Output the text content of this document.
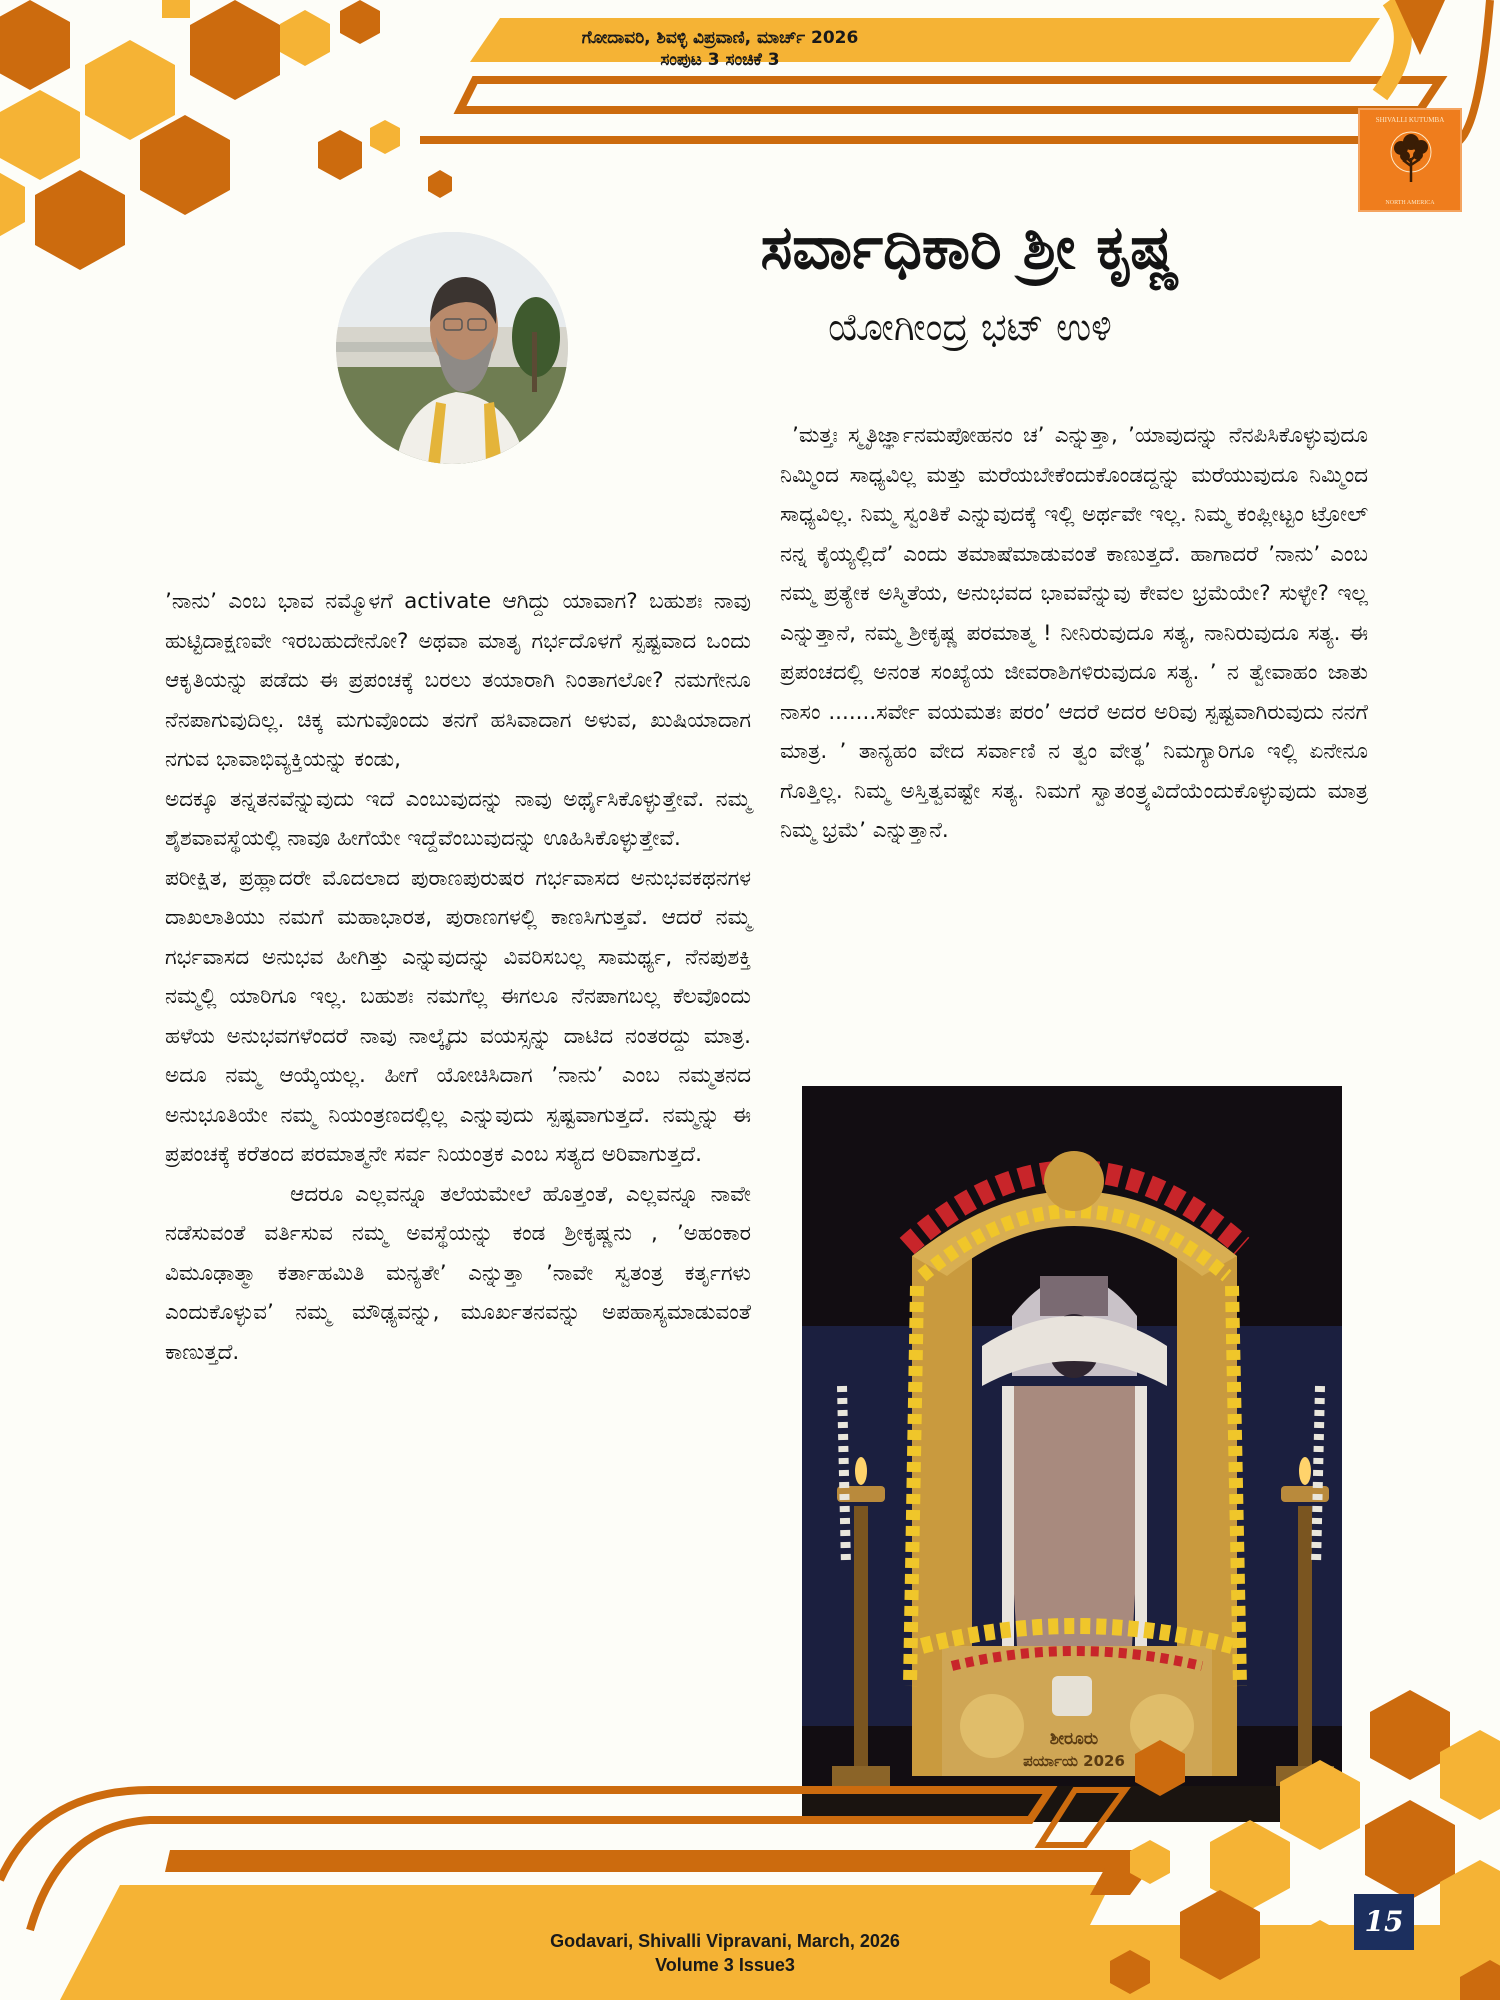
ಗೋದಾವರಿ, ಶಿವಳ್ಳಿ ವಿಪ್ರವಾಣಿ, ಮಾರ್ಚ್ 2026
ಸಂಪುಟ 3 ಸಂಚಿಕೆ 3
SHIVALLI KUTUMBA
NORTH AMERICA
ಸರ್ವಾಧಿಕಾರಿ ಶ್ರೀ ಕೃಷ್ಣ
ಯೋಗೀಂದ್ರ ಭಟ್ ಉಳಿ

’ನಾನು’ ಎಂಬ ಭಾವ ನಮ್ಮೊಳಗೆ activate ಆಗಿದ್ದು ಯಾವಾಗ? ಬಹುಶಃ ನಾವು ಹುಟ್ಟಿದಾಕ್ಷಣವೇ ಇರಬಹುದೇನೋ? ಅಥವಾ ಮಾತೃ ಗರ್ಭದೊಳಗೆ ಸ್ಪಷ್ಟವಾದ ಒಂದು ಆಕೃತಿಯನ್ನು ಪಡೆದು ಈ ಪ್ರಪಂಚಕ್ಕೆ ಬರಲು ತಯಾರಾಗಿ ನಿಂತಾಗಲೋ? ನಮಗೇನೂ ನೆನಪಾಗುವುದಿಲ್ಲ. ಚಿಕ್ಕ ಮಗುವೊಂದು ತನಗೆ ಹಸಿವಾದಾಗ ಅಳುವ, ಖುಷಿಯಾದಾಗ ನಗುವ ಭಾವಾಭಿವ್ಯಕ್ತಿಯನ್ನು ಕಂಡು,

ಅದಕ್ಕೂ ತನ್ನತನವೆನ್ನುವುದು ಇದೆ ಎಂಬುವುದನ್ನು ನಾವು ಅರ್ಥೈಸಿಕೊಳ್ಳುತ್ತೇವೆ. ನಮ್ಮ ಶೈಶವಾವಸ್ಥೆಯಲ್ಲಿ ನಾವೂ ಹೀಗೆಯೇ ಇದ್ದೆವೆಂಬುವುದನ್ನು ಊಹಿಸಿಕೊಳ್ಳುತ್ತೇವೆ.

ಪರೀಕ್ಷಿತ, ಪ್ರಹ್ಲಾದರೇ ಮೊದಲಾದ ಪುರಾಣಪುರುಷರ ಗರ್ಭವಾಸದ ಅನುಭವಕಥನಗಳ ದಾಖಲಾತಿಯು ನಮಗೆ ಮಹಾಭಾರತ, ಪುರಾಣಗಳಲ್ಲಿ ಕಾಣಸಿಗುತ್ತವೆ. ಆದರೆ ನಮ್ಮ ಗರ್ಭವಾಸದ ಅನುಭವ ಹೀಗಿತ್ತು ಎನ್ನುವುದನ್ನು ವಿವರಿಸಬಲ್ಲ ಸಾಮರ್ಥ್ಯ, ನೆನಪುಶಕ್ತಿ ನಮ್ಮಲ್ಲಿ ಯಾರಿಗೂ ಇಲ್ಲ. ಬಹುಶಃ ನಮಗೆಲ್ಲ ಈಗಲೂ ನೆನಪಾಗಬಲ್ಲ ಕೆಲವೊಂದು ಹಳೆಯ ಅನುಭವಗಳೆಂದರೆ ನಾವು ನಾಲ್ಕೈದು ವಯಸ್ಸನ್ನು ದಾಟಿದ ನಂತರದ್ದು ಮಾತ್ರ. ಅದೂ ನಮ್ಮ ಆಯ್ಕೆಯಲ್ಲ. ಹೀಗೆ ಯೋಚಿಸಿದಾಗ ’ನಾನು’ ಎಂಬ ನಮ್ಮತನದ ಅನುಭೂತಿಯೇ ನಮ್ಮ ನಿಯಂತ್ರಣದಲ್ಲಿಲ್ಲ ಎನ್ನುವುದು ಸ್ಪಷ್ಟವಾಗುತ್ತದೆ. ನಮ್ಮನ್ನು ಈ ಪ್ರಪಂಚಕ್ಕೆ ಕರೆತಂದ ಪರಮಾತ್ಮನೇ ಸರ್ವ ನಿಯಂತ್ರಕ ಎಂಬ ಸತ್ಯದ ಅರಿವಾಗುತ್ತದೆ.

ಆದರೂ ಎಲ್ಲವನ್ನೂ ತಲೆಯಮೇಲೆ ಹೊತ್ತಂತೆ, ಎಲ್ಲವನ್ನೂ ನಾವೇ ನಡೆಸುವಂತೆ ವರ್ತಿಸುವ ನಮ್ಮ ಅವಸ್ಥೆಯನ್ನು ಕಂಡ ಶ್ರೀಕೃಷ್ಣನು , ’ಅಹಂಕಾರ ವಿಮೂಢಾತ್ಮಾ ಕರ್ತಾಹಮಿತಿ ಮನ್ಯತೇ’ ಎನ್ನುತ್ತಾ ’ನಾವೇ ಸ್ವತಂತ್ರ ಕರ್ತೃಗಳು ಎಂದುಕೊಳ್ಳುವ’ ನಮ್ಮ ಮೌಢ್ಯವನ್ನು, ಮೂರ್ಖತನವನ್ನು ಅಪಹಾಸ್ಯಮಾಡುವಂತೆ ಕಾಣುತ್ತದೆ.

’ಮತ್ತಃ ಸ್ಮೃತಿರ್ಜ್ಞಾನಮಪೋಹನಂ ಚ’ ಎನ್ನುತ್ತಾ, ’ಯಾವುದನ್ನು ನೆನಪಿಸಿಕೊಳ್ಳುವುದೂ ನಿಮ್ಮಿಂದ ಸಾಧ್ಯವಿಲ್ಲ ಮತ್ತು ಮರೆಯಬೇಕೆಂದುಕೊಂಡದ್ದನ್ನು ಮರೆಯುವುದೂ ನಿಮ್ಮಿಂದ ಸಾಧ್ಯವಿಲ್ಲ. ನಿಮ್ಮ ಸ್ವಂತಿಕೆ ಎನ್ನುವುದಕ್ಕೆ ಇಲ್ಲಿ ಅರ್ಥವೇ ಇಲ್ಲ. ನಿಮ್ಮ ಕಂಪ್ಲೀಟ್ಟಂ ಟ್ರೋಲ್ ನನ್ನ ಕೈಯ್ಯಲ್ಲಿದೆ’ ಎಂದು ತಮಾಷೆಮಾಡುವಂತೆ ಕಾಣುತ್ತದೆ. ಹಾಗಾದರೆ ’ನಾನು’ ಎಂಬ ನಮ್ಮ ಪ್ರತ್ಯೇಕ ಅಸ್ಮಿತೆಯ, ಅನುಭವದ ಭಾವವೆನ್ನುವು ಕೇವಲ ಭ್ರಮೆಯೇ? ಸುಳ್ಳೇ? ಇಲ್ಲ ಎನ್ನುತ್ತಾನೆ, ನಮ್ಮ ಶ್ರೀಕೃಷ್ಣ ಪರಮಾತ್ಮ ! ನೀನಿರುವುದೂ ಸತ್ಯ, ನಾನಿರುವುದೂ ಸತ್ಯ. ಈ ಪ್ರಪಂಚದಲ್ಲಿ ಅನಂತ ಸಂಖ್ಯೆಯ ಜೀವರಾಶಿಗಳಿರುವುದೂ ಸತ್ಯ. ’ ನ ತ್ವೇವಾಹಂ ಜಾತು ನಾಸಂ .......ಸರ್ವೇ ವಯಮತಃ ಪರಂ’ ಆದರೆ ಅದರ ಅರಿವು ಸ್ಪಷ್ಟವಾಗಿರುವುದು ನನಗೆ ಮಾತ್ರ. ’ ತಾನ್ಯಹಂ ವೇದ ಸರ್ವಾಣಿ ನ ತ್ವಂ ವೇತ್ಥ’ ನಿಮಗ್ಯಾರಿಗೂ ಇಲ್ಲಿ ಏನೇನೂ ಗೊತ್ತಿಲ್ಲ. ನಿಮ್ಮ ಅಸ್ತಿತ್ವವಷ್ಟೇ ಸತ್ಯ. ನಿಮಗೆ ಸ್ವಾತಂತ್ರ್ಯವಿದೆಯೆಂದುಕೊಳ್ಳುವುದು ಮಾತ್ರ ನಿಮ್ಮ ಭ್ರಮೆ’ ಎನ್ನುತ್ತಾನೆ.

ಶೀರೂರು
ಪರ್ಯಾಯ 2026
Godavari, Shivalli Vipravani, March, 2026
Volume 3 Issue3
15
